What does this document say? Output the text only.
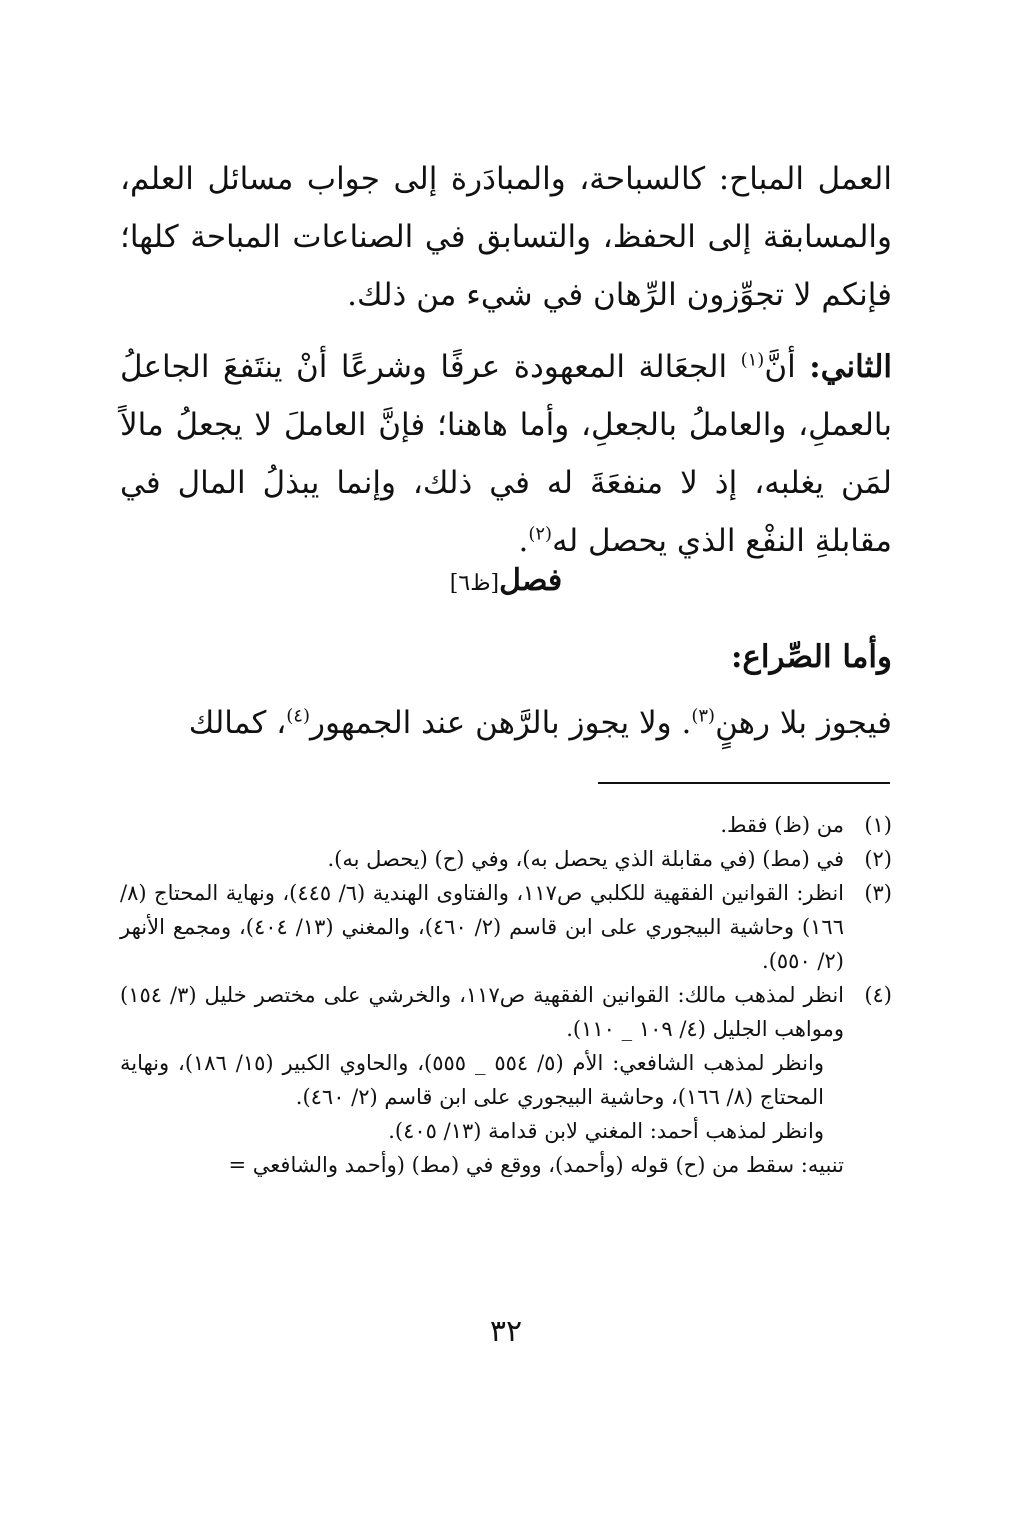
العمل المباح: كالسباحة، والمبادَرة إلى جواب مسائل العلم، والمسابقة إلى الحفظ، والتسابق في الصناعات المباحة كلها؛ فإنكم لا تجوِّزون الرِّهان في شيء من ذلك.

الثاني: أنَّ$^{(١)}$ الجعَالة المعهودة عرفًا وشرعًا أنْ ينتَفعَ الجاعلُ بالعملِ، والعاملُ بالجعلِ، وأما هاهنا؛ فإنَّ العاملَ لا يجعلُ مالاً لمَن يغلبه، إذ لا منفعَةَ له في ذلك، وإنما يبذلُ المال في مقابلةِ النفْع الذي يحصل له$^{(٢)}$.

فصل[ظ٦]
وأما الصِّراع:
فيجوز بلا رهنٍ$^{(٣)}$. ولا يجوز بالرَّهن عند الجمهور$^{(٤)}$، كمالك
(١)
من (ظ) فقط.
(٢)
في (مط) (في مقابلة الذي يحصل به)، وفي (ح) (يحصل به).
(٣)
انظر: القوانين الفقهية للكلبي ص١١٧، والفتاوى الهندية (٦/ ٤٤٥)، ونهاية المحتاج (٨/ ١٦٦) وحاشية البيجوري على ابن قاسم (٢/ ٤٦٠)، والمغني (١٣/ ٤٠٤)، ومجمع الأنهر (٢/ ٥٥٠).
(٤)
انظر لمذهب مالك: القوانين الفقهية ص١١٧، والخرشي على مختصر خليل (٣/ ١٥٤) ومواهب الجليل (٤/ ١٠٩ _ ١١٠).
وانظر لمذهب الشافعي: الأم (٥/ ٥٥٤ _ ٥٥٥)، والحاوي الكبير (١٥/ ١٨٦)، ونهاية المحتاج (٨/ ١٦٦)، وحاشية البيجوري على ابن قاسم (٢/ ٤٦٠).
وانظر لمذهب أحمد: المغني لابن قدامة (١٣/ ٤٠٥).
تنبيه: سقط من (ح) قوله (وأحمد)، ووقع في (مط) (وأحمد والشافعي =
٣٢
